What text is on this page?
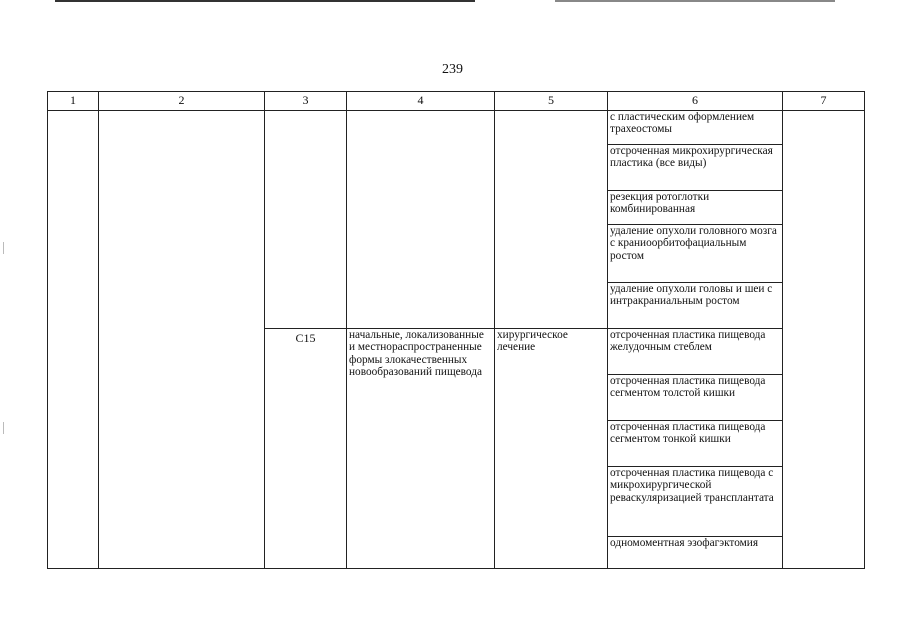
239
1	2	3	4	5	6	7
					с пластическим оформлением трахеостомы	
					отсроченная микрохирургическая пластика (все виды)	
					резекция ротоглотки комбинированная	
					удаление опухоли головного мозга с краниоорбитофациальным ростом	
					удаление опухоли головы и шеи с интракраниальным ростом	
		C15	начальные, локализованные и местнораспространенные формы злокачественных новообразований пищевода	хирургическое лечение	отсроченная пластика пищевода желудочным стеблем	
					отсроченная пластика пищевода сегментом толстой кишки	
					отсроченная пластика пищевода сегментом тонкой кишки	
					отсроченная пластика пищевода с микрохирургической реваскуляризацией трансплантата	
					одномоментная эзофагэктомия	
